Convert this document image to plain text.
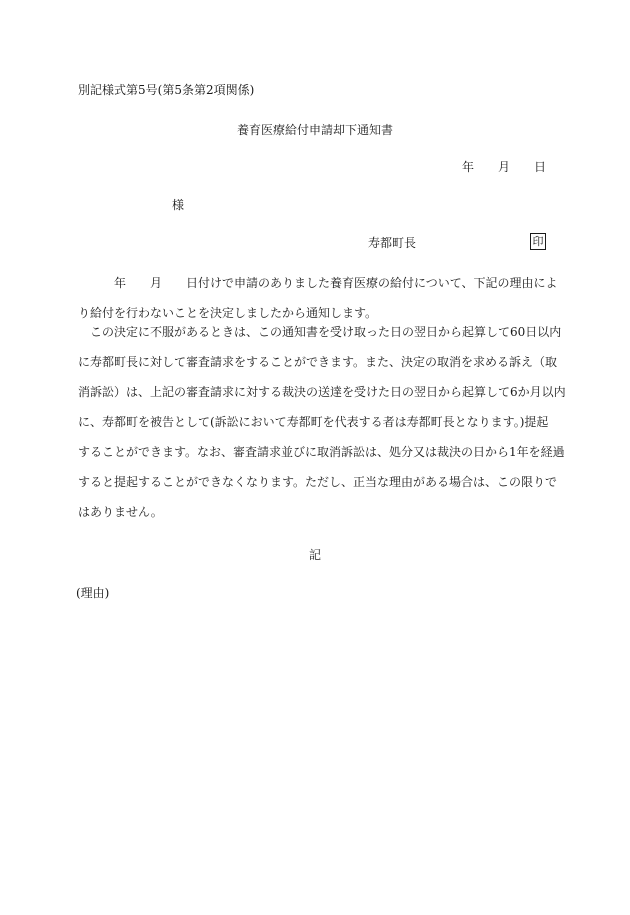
別記様式第5号(第5条第2項関係)
養育医療給付申請却下通知書
年 月 日
様
寿都町長	印
年 月 日付けで申請のありました養育医療の給付について、下記の理由によ
り給付を行わないことを決定しましたから通知します。
この決定に不服があるときは、この通知書を受け取った日の翌日から起算して60日以内
に寿都町長に対して審査請求をすることができます。また、決定の取消を求める訴え（取
消訴訟）は、上記の審査請求に対する裁決の送達を受けた日の翌日から起算して6か月以内
に、寿都町を被告として(訴訟において寿都町を代表する者は寿都町長となります。)提起
することができます。なお、審査請求並びに取消訴訟は、処分又は裁決の日から1年を経過
すると提起することができなくなります。ただし、正当な理由がある場合は、この限りで
はありません。
記
(理由)
